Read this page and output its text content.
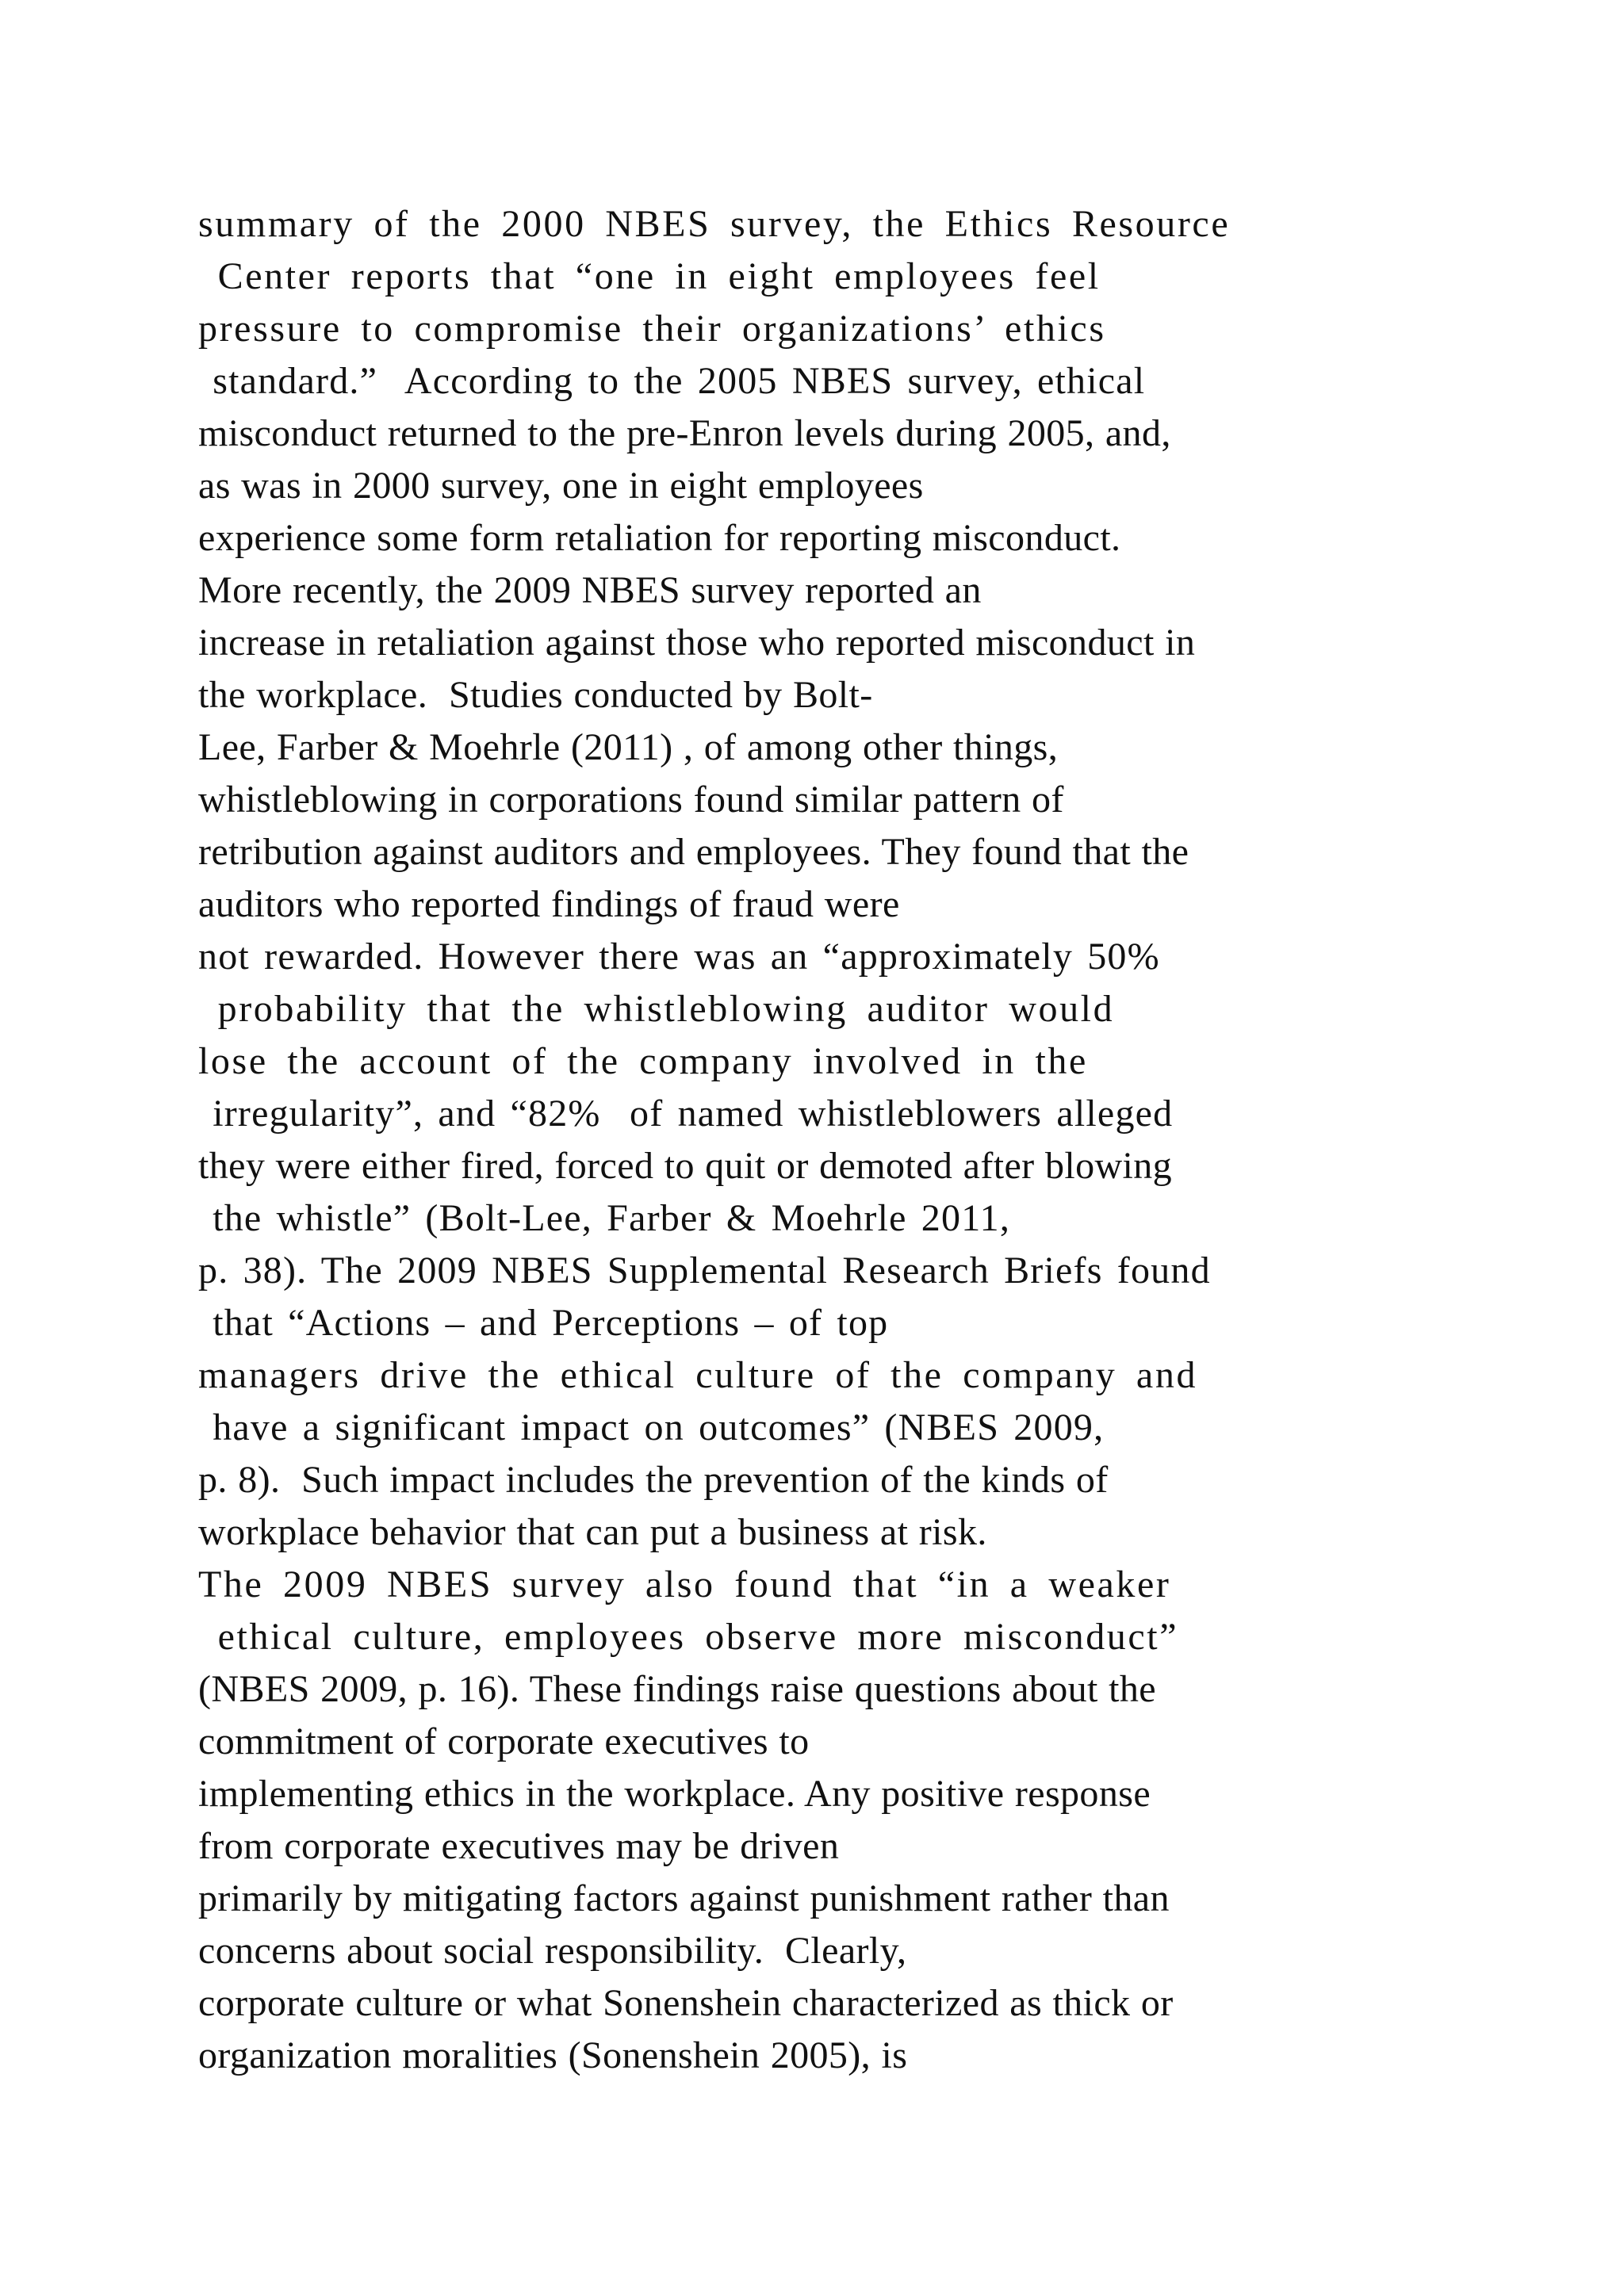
summary of the 2000 NBES survey, the Ethics Resource
Center reports that “one in eight employees feel
pressure to compromise their organizations’ ethics
standard.”  According to the 2005 NBES survey, ethical
misconduct returned to the pre-Enron levels during 2005, and,
as was in 2000 survey, one in eight employees
experience some form retaliation for reporting misconduct.
More recently, the 2009 NBES survey reported an
increase in retaliation against those who reported misconduct in
the workplace.  Studies conducted by Bolt-
Lee, Farber & Moehrle (2011) , of among other things,
whistleblowing in corporations found similar pattern of
retribution against auditors and employees. They found that the
auditors who reported findings of fraud were
not rewarded. However there was an “approximately 50%
probability that the whistleblowing auditor would
lose the account of the company involved in the
irregularity”, and “82%  of named whistleblowers alleged
they were either fired, forced to quit or demoted after blowing
the whistle” (Bolt-Lee, Farber & Moehrle 2011,
p. 38). The 2009 NBES Supplemental Research Briefs found
that “Actions – and Perceptions – of top
managers drive the ethical culture of the company and
have a significant impact on outcomes” (NBES 2009,
p. 8).  Such impact includes the prevention of the kinds of
workplace behavior that can put a business at risk.
The 2009 NBES survey also found that “in a weaker
ethical culture, employees observe more misconduct”
(NBES 2009, p. 16). These findings raise questions about the
commitment of corporate executives to
implementing ethics in the workplace. Any positive response
from corporate executives may be driven
primarily by mitigating factors against punishment rather than
concerns about social responsibility.  Clearly,
corporate culture or what Sonenshein characterized as thick or
organization moralities (Sonenshein 2005), is
